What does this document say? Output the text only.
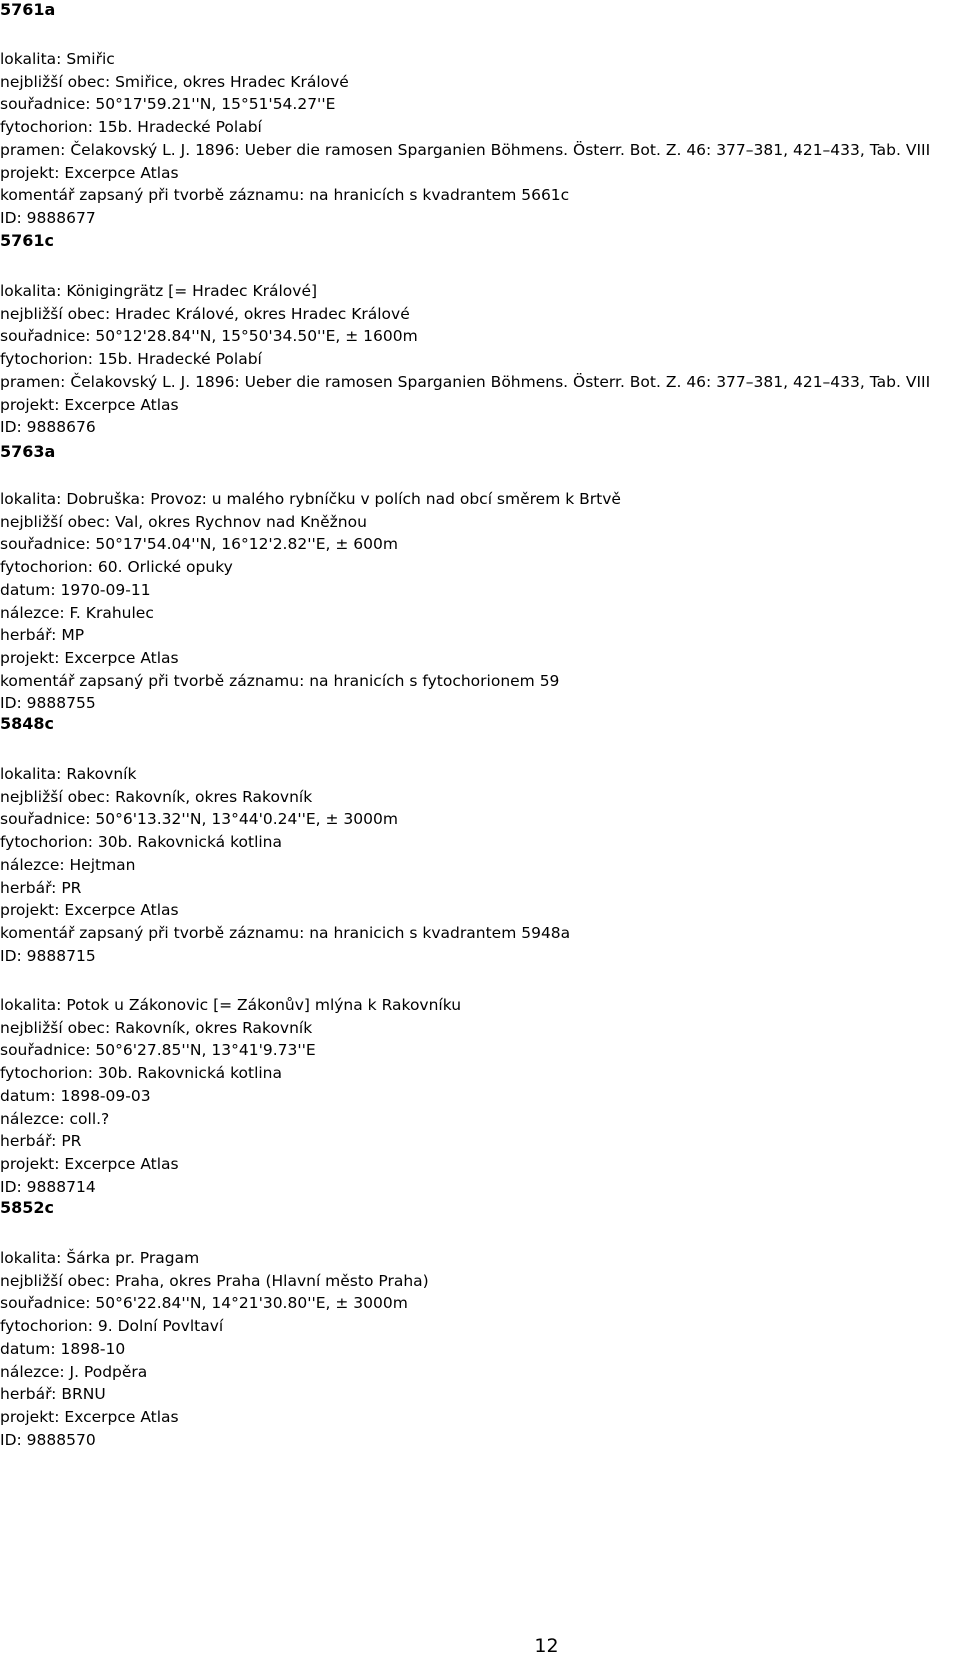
5761a
lokalita: Smiřic
nejbližší obec: Smiřice, okres Hradec Králové
souřadnice: 50°17'59.21''N, 15°51'54.27''E
fytochorion: 15b. Hradecké Polabí
pramen: Čelakovský L. J. 1896: Ueber die ramosen Sparganien Böhmens. Österr. Bot. Z. 46: 377–381, 421–433, Tab. VIII
projekt: Excerpce Atlas
komentář zapsaný při tvorbě záznamu: na hranicích s kvadrantem 5661c
ID: 9888677
5761c
lokalita: Königingrätz [= Hradec Králové]
nejbližší obec: Hradec Králové, okres Hradec Králové
souřadnice: 50°12'28.84''N, 15°50'34.50''E, ± 1600m
fytochorion: 15b. Hradecké Polabí
pramen: Čelakovský L. J. 1896: Ueber die ramosen Sparganien Böhmens. Österr. Bot. Z. 46: 377–381, 421–433, Tab. VIII
projekt: Excerpce Atlas
ID: 9888676
5763a
lokalita: Dobruška: Provoz: u malého rybníčku v polích nad obcí směrem k Brtvě
nejbližší obec: Val, okres Rychnov nad Kněžnou
souřadnice: 50°17'54.04''N, 16°12'2.82''E, ± 600m
fytochorion: 60. Orlické opuky
datum: 1970-09-11
nálezce: F. Krahulec
herbář: MP
projekt: Excerpce Atlas
komentář zapsaný při tvorbě záznamu: na hranicích s fytochorionem 59
ID: 9888755
5848c
lokalita: Rakovník
nejbližší obec: Rakovník, okres Rakovník
souřadnice: 50°6'13.32''N, 13°44'0.24''E, ± 3000m
fytochorion: 30b. Rakovnická kotlina
nálezce: Hejtman
herbář: PR
projekt: Excerpce Atlas
komentář zapsaný při tvorbě záznamu: na hranicich s kvadrantem 5948a
ID: 9888715
lokalita: Potok u Zákonovic [= Zákonův] mlýna k Rakovníku
nejbližší obec: Rakovník, okres Rakovník
souřadnice: 50°6'27.85''N, 13°41'9.73''E
fytochorion: 30b. Rakovnická kotlina
datum: 1898-09-03
nálezce: coll.?
herbář: PR
projekt: Excerpce Atlas
ID: 9888714
5852c
lokalita: Šárka pr. Pragam
nejbližší obec: Praha, okres Praha (Hlavní město Praha)
souřadnice: 50°6'22.84''N, 14°21'30.80''E, ± 3000m
fytochorion: 9. Dolní Povltaví
datum: 1898-10
nálezce: J. Podpěra
herbář: BRNU
projekt: Excerpce Atlas
ID: 9888570
12
